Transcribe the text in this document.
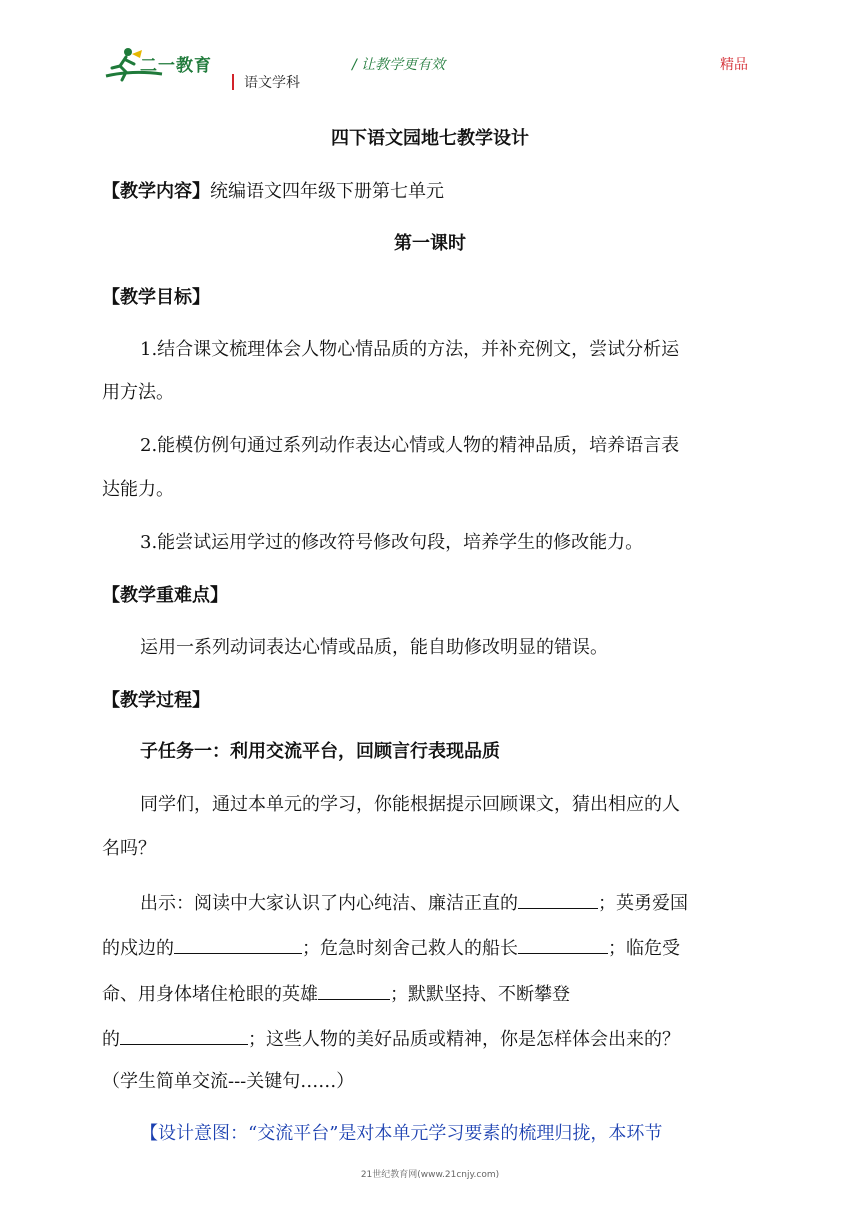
二一教育
语文学科
/ 让教学更有效	精品
四下语文园地七教学设计
【教学内容】统编语文四年级下册第七单元
第一课时
【教学目标】
1.结合课文梳理体会人物心情品质的方法，并补充例文，尝试分析运
用方法。
2.能模仿例句通过系列动作表达心情或人物的精神品质，培养语言表
达能力。
3.能尝试运用学过的修改符号修改句段，培养学生的修改能力。
【教学重难点】
运用一系列动词表达心情或品质，能自助修改明显的错误。
【教学过程】
子任务一：利用交流平台，回顾言行表现品质
同学们，通过本单元的学习，你能根据提示回顾课文，猜出相应的人
名吗？
出示：阅读中大家认识了内心纯洁、廉洁正直的	；英勇爱国
的戍边的	；危急时刻舍己救人的船长	；临危受
命、用身体堵住枪眼的英雄	；默默坚持、不断攀登
的	；这些人物的美好品质或精神，你是怎样体会出来的？
（学生简单交流---关键句……）
【设计意图：“交流平台”是对本单元学习要素的梳理归拢，本环节
21世纪教育网(www.21cnjy.com)
